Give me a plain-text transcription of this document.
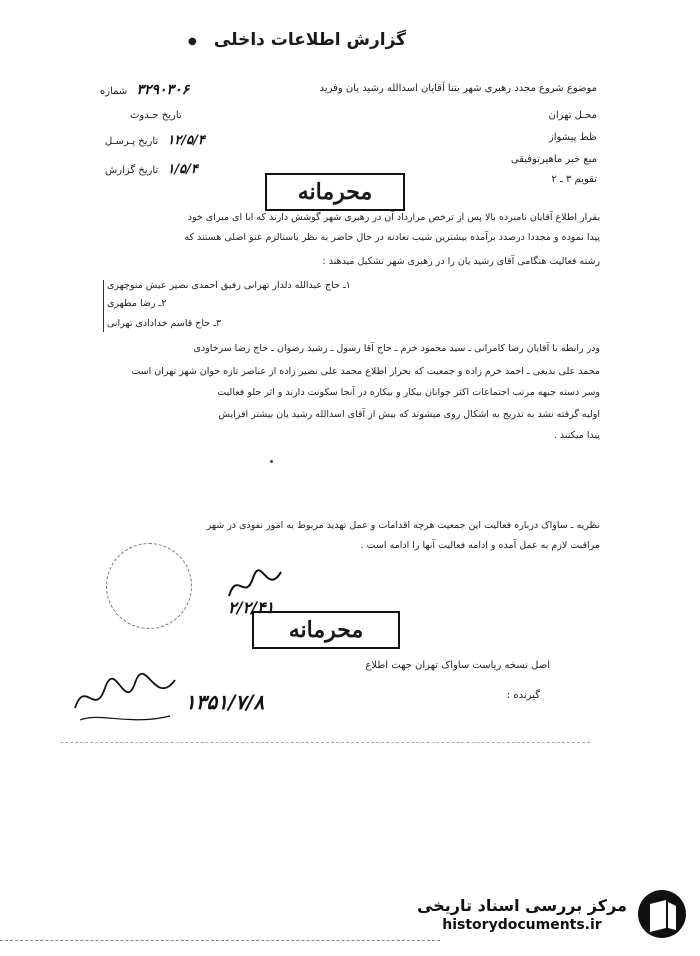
●	گزارش اطلاعات داخلی
موضوع شروع مجدد رهبری شهر بتنا آقایان اسدالله رشید یان وفرید
۳۲۹۰۳۰۶ شماره
محـل تهران
تاریخ حـدوث
ظط پیشواز
۱۲/۵/۴ تاریخ پـرسـل
مبع خبر ماهیرتوفیقی
۱/۵/۴ تاریخ گزارش
تقویم ۳ ـ ۲
محرمانه
بقرار اطلاع آقایان نامبرده بالا پس از ترخص مرارداد آن در رهبری شهر گوشش دارند که ابا ای مبرای خود
پیدا نموده و مجددا درصدد برآمده بیشترین شیب تعادنه در حال حاضر به نظر باستالزم عنو اصلی هستند که
رشته فعالیت هنگامی آقای رشید یان را در رهبری شهر تشکیل میدهند :
۱ـ حاج عبدالله دلدار تهرانی رفیق احمدی نصیر عیش منوچهری
۲ـ رضا مطهری
۳ـ حاج قاسم خدادادی تهرانی
ودر رابطه با آقایان رضا کامرانی ـ سید محمود خرم ـ حاج آقا رسول ـ رشید رضوان ـ حاج رضا سرخاودی
محمد علی بدیعی ـ احمد خرم زاده و جمعیت که بحراز اطلاع محمد علی نصیر زاده از عناصر تازه حوان شهر تهران است
وسر دسته جبهه مرتب اجتماعات اکثر جوانان بیکار و بیکاره در آنجا سکونت دارند و اثر جلو فعالیت
اولیه گرفته نشد به تدریج به اشکال روی میشوند که بیش از آقای اسدالله رشید یان بیشتر افزایش
پیدا میکنند .
نظریه ـ ساواک درباره فعالیت این جمعیت هرچه اقدامات و عمل تهدید مربوط به امور نفوذی در شهر
مراقبت لازم به عمل آمده و ادامه فعالیت آنها را ادامه است .
۲/۲/۴۱
محرمانه
اصل نسخه ریاست ساواک تهران جهت اطلاع
گیرنده :
۱۳۵۱/۷/۸
مرکز بررسی اسناد تاریخی
historydocuments.ir
